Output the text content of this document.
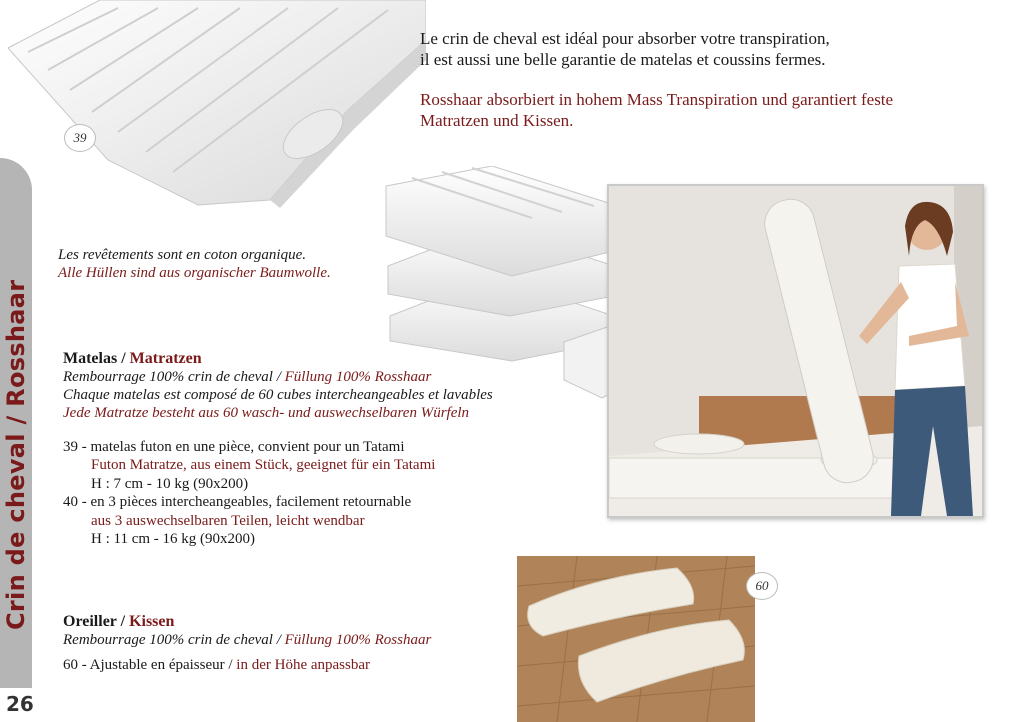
Crin de cheval / Rosshaar
26
39
Le crin de cheval est idéal pour absorber votre transpiration,
il est aussi une belle garantie de matelas et coussins fermes.
Rosshaar absorbiert in hohem Mass Transpiration und garantiert feste
Matratzen und Kissen.
Les revêtements sont en coton organique.
Alle Hüllen sind aus organischer Baumwolle.
Matelas / Matratzen
Rembourrage 100% crin de cheval / Füllung 100% Rosshaar
Chaque matelas est composé de 60 cubes intercheangeables et lavables
Jede Matratze besteht aus 60 wasch- und auswechselbaren Würfeln
39 - matelas futon en une pièce, convient pour un Tatami
Futon Matratze, aus einem Stück, geeignet für ein Tatami
H : 7 cm - 10 kg (90x200)
40 - en 3 pièces intercheangeables, facilement retournable
aus 3 auswechselbaren Teilen, leicht wendbar
H : 11 cm - 16 kg (90x200)
60
Oreiller / Kissen
Rembourrage 100% crin de cheval / Füllung 100% Rosshaar
60 - Ajustable en épaisseur / in der Höhe anpassbar
